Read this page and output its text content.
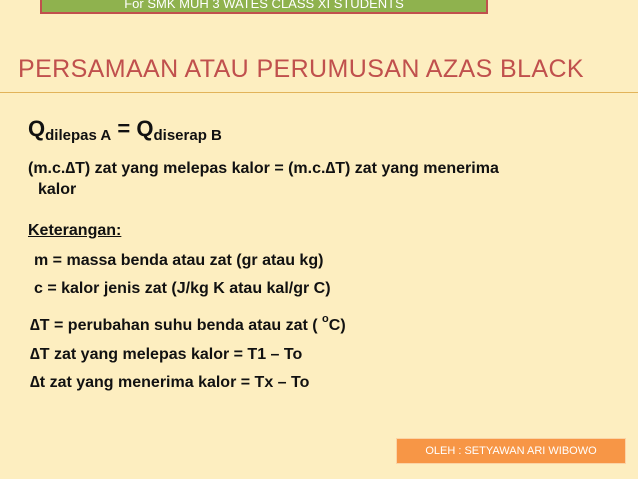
For SMK MUH 3 WATES CLASS XI STUDENTS
PERSAMAAN ATAU PERUMUSAN AZAS BLACK
Qdilepas A = Qdiserap B
(m.c.∆T) zat yang melepas kalor = (m.c.∆T) zat yang menerima
kalor
Keterangan:
m = massa benda atau zat (gr atau kg)
c = kalor jenis zat (J/kg K atau kal/gr C)
∆T = perubahan suhu benda atau zat ( $^o$C)
∆T zat yang melepas kalor = T1 – To
∆t zat yang menerima kalor = Tx – To
OLEH : SETYAWAN ARI WIBOWO
